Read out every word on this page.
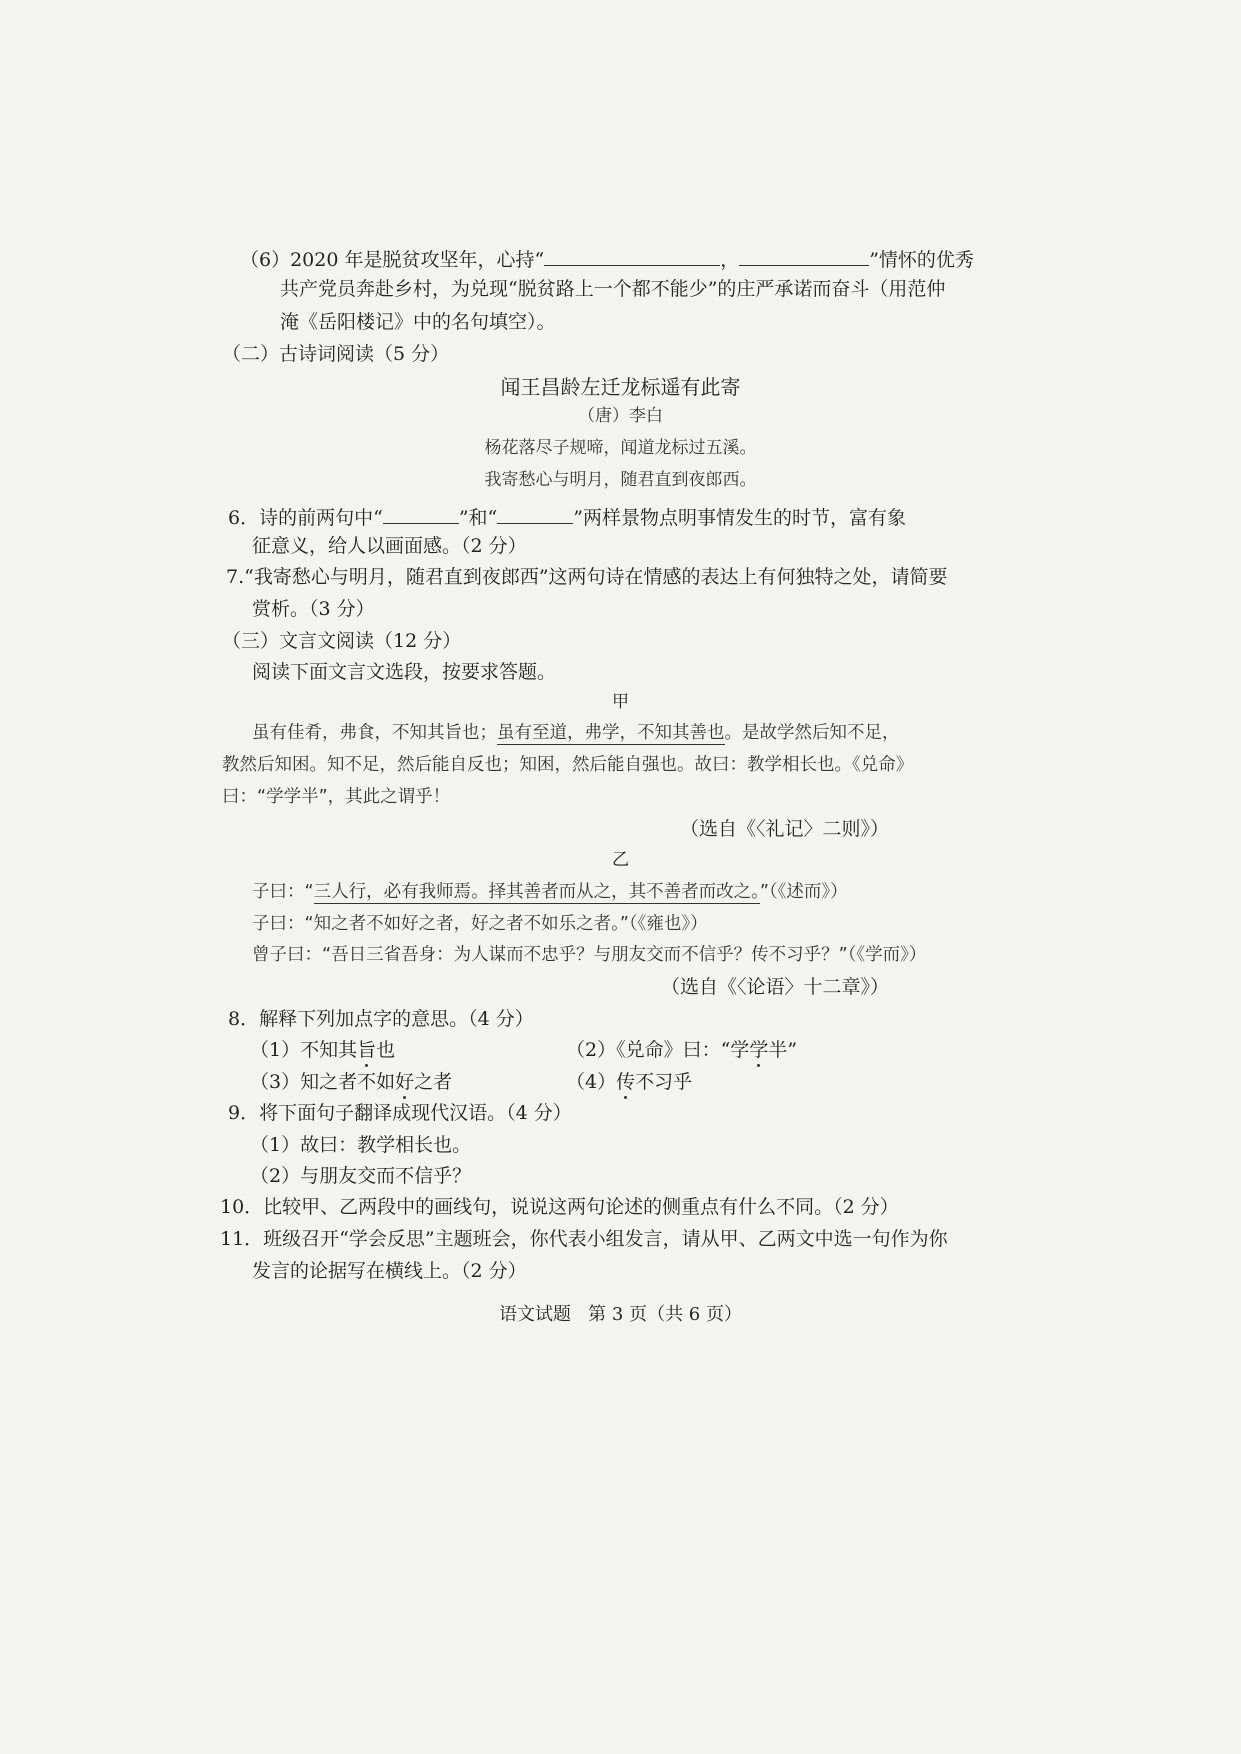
（6）2020 年是脱贫攻坚年，心持“	，	”情怀的优秀
共产党员奔赴乡村，为兑现“脱贫路上一个都不能少”的庄严承诺而奋斗（用范仲
淹《岳阳楼记》中的名句填空）。
（二）古诗词阅读（5 分）
闻王昌龄左迁龙标遥有此寄
（唐）李白
杨花落尽子规啼，闻道龙标过五溪。
我寄愁心与明月，随君直到夜郎西。
6．诗的前两句中“	”和“	”两样景物点明事情发生的时节，富有象
征意义，给人以画面感。（2 分）
7.“我寄愁心与明月，随君直到夜郎西”这两句诗在情感的表达上有何独特之处，请简要
赏析。（3 分）
（三）文言文阅读（12 分）
阅读下面文言文选段，按要求答题。
甲
虽有佳肴，弗食，不知其旨也；虽有至道，弗学，不知其善也。是故学然后知不足，
教然后知困。知不足，然后能自反也；知困，然后能自强也。故曰：教学相长也。《兑命》
曰：“学学半”，其此之谓乎！
（选自《〈礼记〉二则》）
乙
子曰：“三人行，必有我师焉。择其善者而从之，其不善者而改之。”（《述而》）
子曰：“知之者不如好之者，好之者不如乐之者。”（《雍也》）
曾子曰：“吾日三省吾身：为人谋而不忠乎？与朋友交而不信乎？传不习乎？”（《学而》）
（选自《〈论语〉十二章》）
8．解释下列加点字的意思。（4 分）
（1）不知其旨也	（2）《兑命》曰：“学学半”
（3）知之者不如好之者	（4）传不习乎
9．将下面句子翻译成现代汉语。（4 分）
（1）故曰：教学相长也。
（2）与朋友交而不信乎？
10．比较甲、乙两段中的画线句，说说这两句论述的侧重点有什么不同。（2 分）
11．班级召开“学会反思”主题班会，你代表小组发言，请从甲、乙两文中选一句作为你
发言的论据写在横线上。（2 分）
语文试题   第 3 页（共 6 页）
